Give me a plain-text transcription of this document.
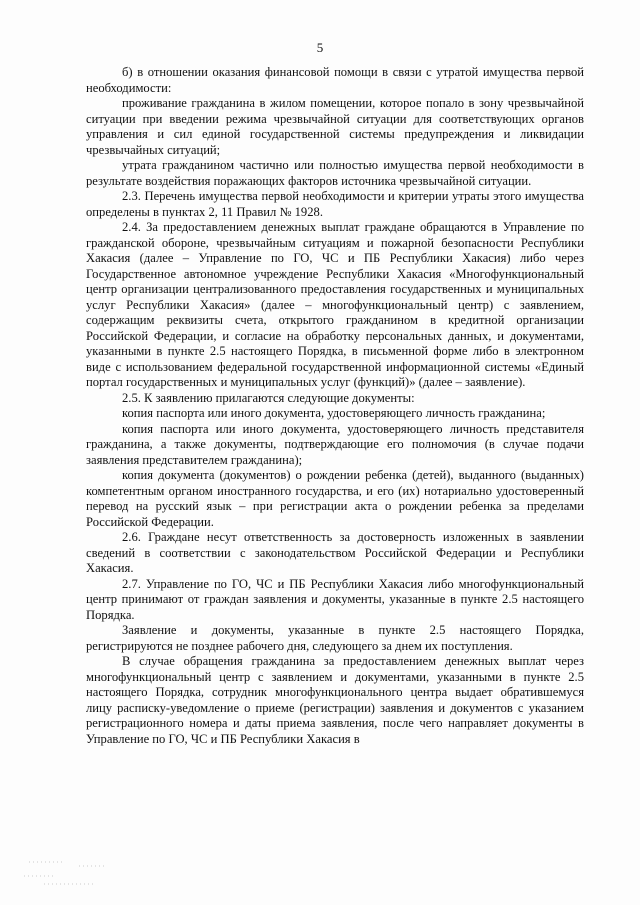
5

б) в отношении оказания финансовой помощи в связи с утратой имущества первой необходимости:

проживание гражданина в жилом помещении, которое попало в зону чрезвычайной ситуации при введении режима чрезвычайной ситуации для соответствующих органов управления и сил единой государственной системы предупреждения и ликвидации чрезвычайных ситуаций;

утрата гражданином частично или полностью имущества первой необходимости в результате воздействия поражающих факторов источника чрезвычайной ситуации.

2.3. Перечень имущества первой необходимости и критерии утраты этого имущества определены в пунктах 2, 11 Правил № 1928.

2.4. За предоставлением денежных выплат граждане обращаются в Управление по гражданской обороне, чрезвычайным ситуациям и пожарной безопасности Республики Хакасия (далее – Управление по ГО, ЧС и ПБ Республики Хакасия) либо через Государственное автономное учреждение Республики Хакасия «Многофункциональный центр организации централизованного предоставления государственных и муниципальных услуг Республики Хакасия» (далее – многофункциональный центр) с заявлением, содержащим реквизиты счета, открытого гражданином в кредитной организации Российской Федерации, и согласие на обработку персональных данных, и документами, указанными в пункте 2.5 настоящего Порядка, в письменной форме либо в электронном виде с использованием федеральной государственной информационной системы «Единый портал государственных и муниципальных услуг (функций)» (далее – заявление).

2.5. К заявлению прилагаются следующие документы:

копия паспорта или иного документа, удостоверяющего личность гражданина;

копия паспорта или иного документа, удостоверяющего личность представителя гражданина, а также документы, подтверждающие его полномочия (в случае подачи заявления представителем гражданина);

копия документа (документов) о рождении ребенка (детей), выданного (выданных) компетентным органом иностранного государства, и его (их) нотариально удостоверенный перевод на русский язык – при регистрации акта о рождении ребенка за пределами Российской Федерации.

2.6. Граждане несут ответственность за достоверность изложенных в заявлении сведений в соответствии с законодательством Российской Федерации и Республики Хакасия.

2.7. Управление по ГО, ЧС и ПБ Республики Хакасия либо многофункциональный центр принимают от граждан заявления и документы, указанные в пункте 2.5 настоящего Порядка.

Заявление и документы, указанные в пункте 2.5 настоящего Порядка, регистрируются не позднее рабочего дня, следующего за днем их поступления.

В случае обращения гражданина за предоставлением денежных выплат через многофункциональный центр с заявлением и документами, указанными в пункте 2.5 настоящего Порядка, сотрудник многофункционального центра выдает обратившемуся лицу расписку-уведомление о приеме (регистрации) заявления и документов с указанием регистрационного номера и даты приема заявления, после чего направляет документы в Управление по ГО, ЧС и ПБ Республики Хакасия в
